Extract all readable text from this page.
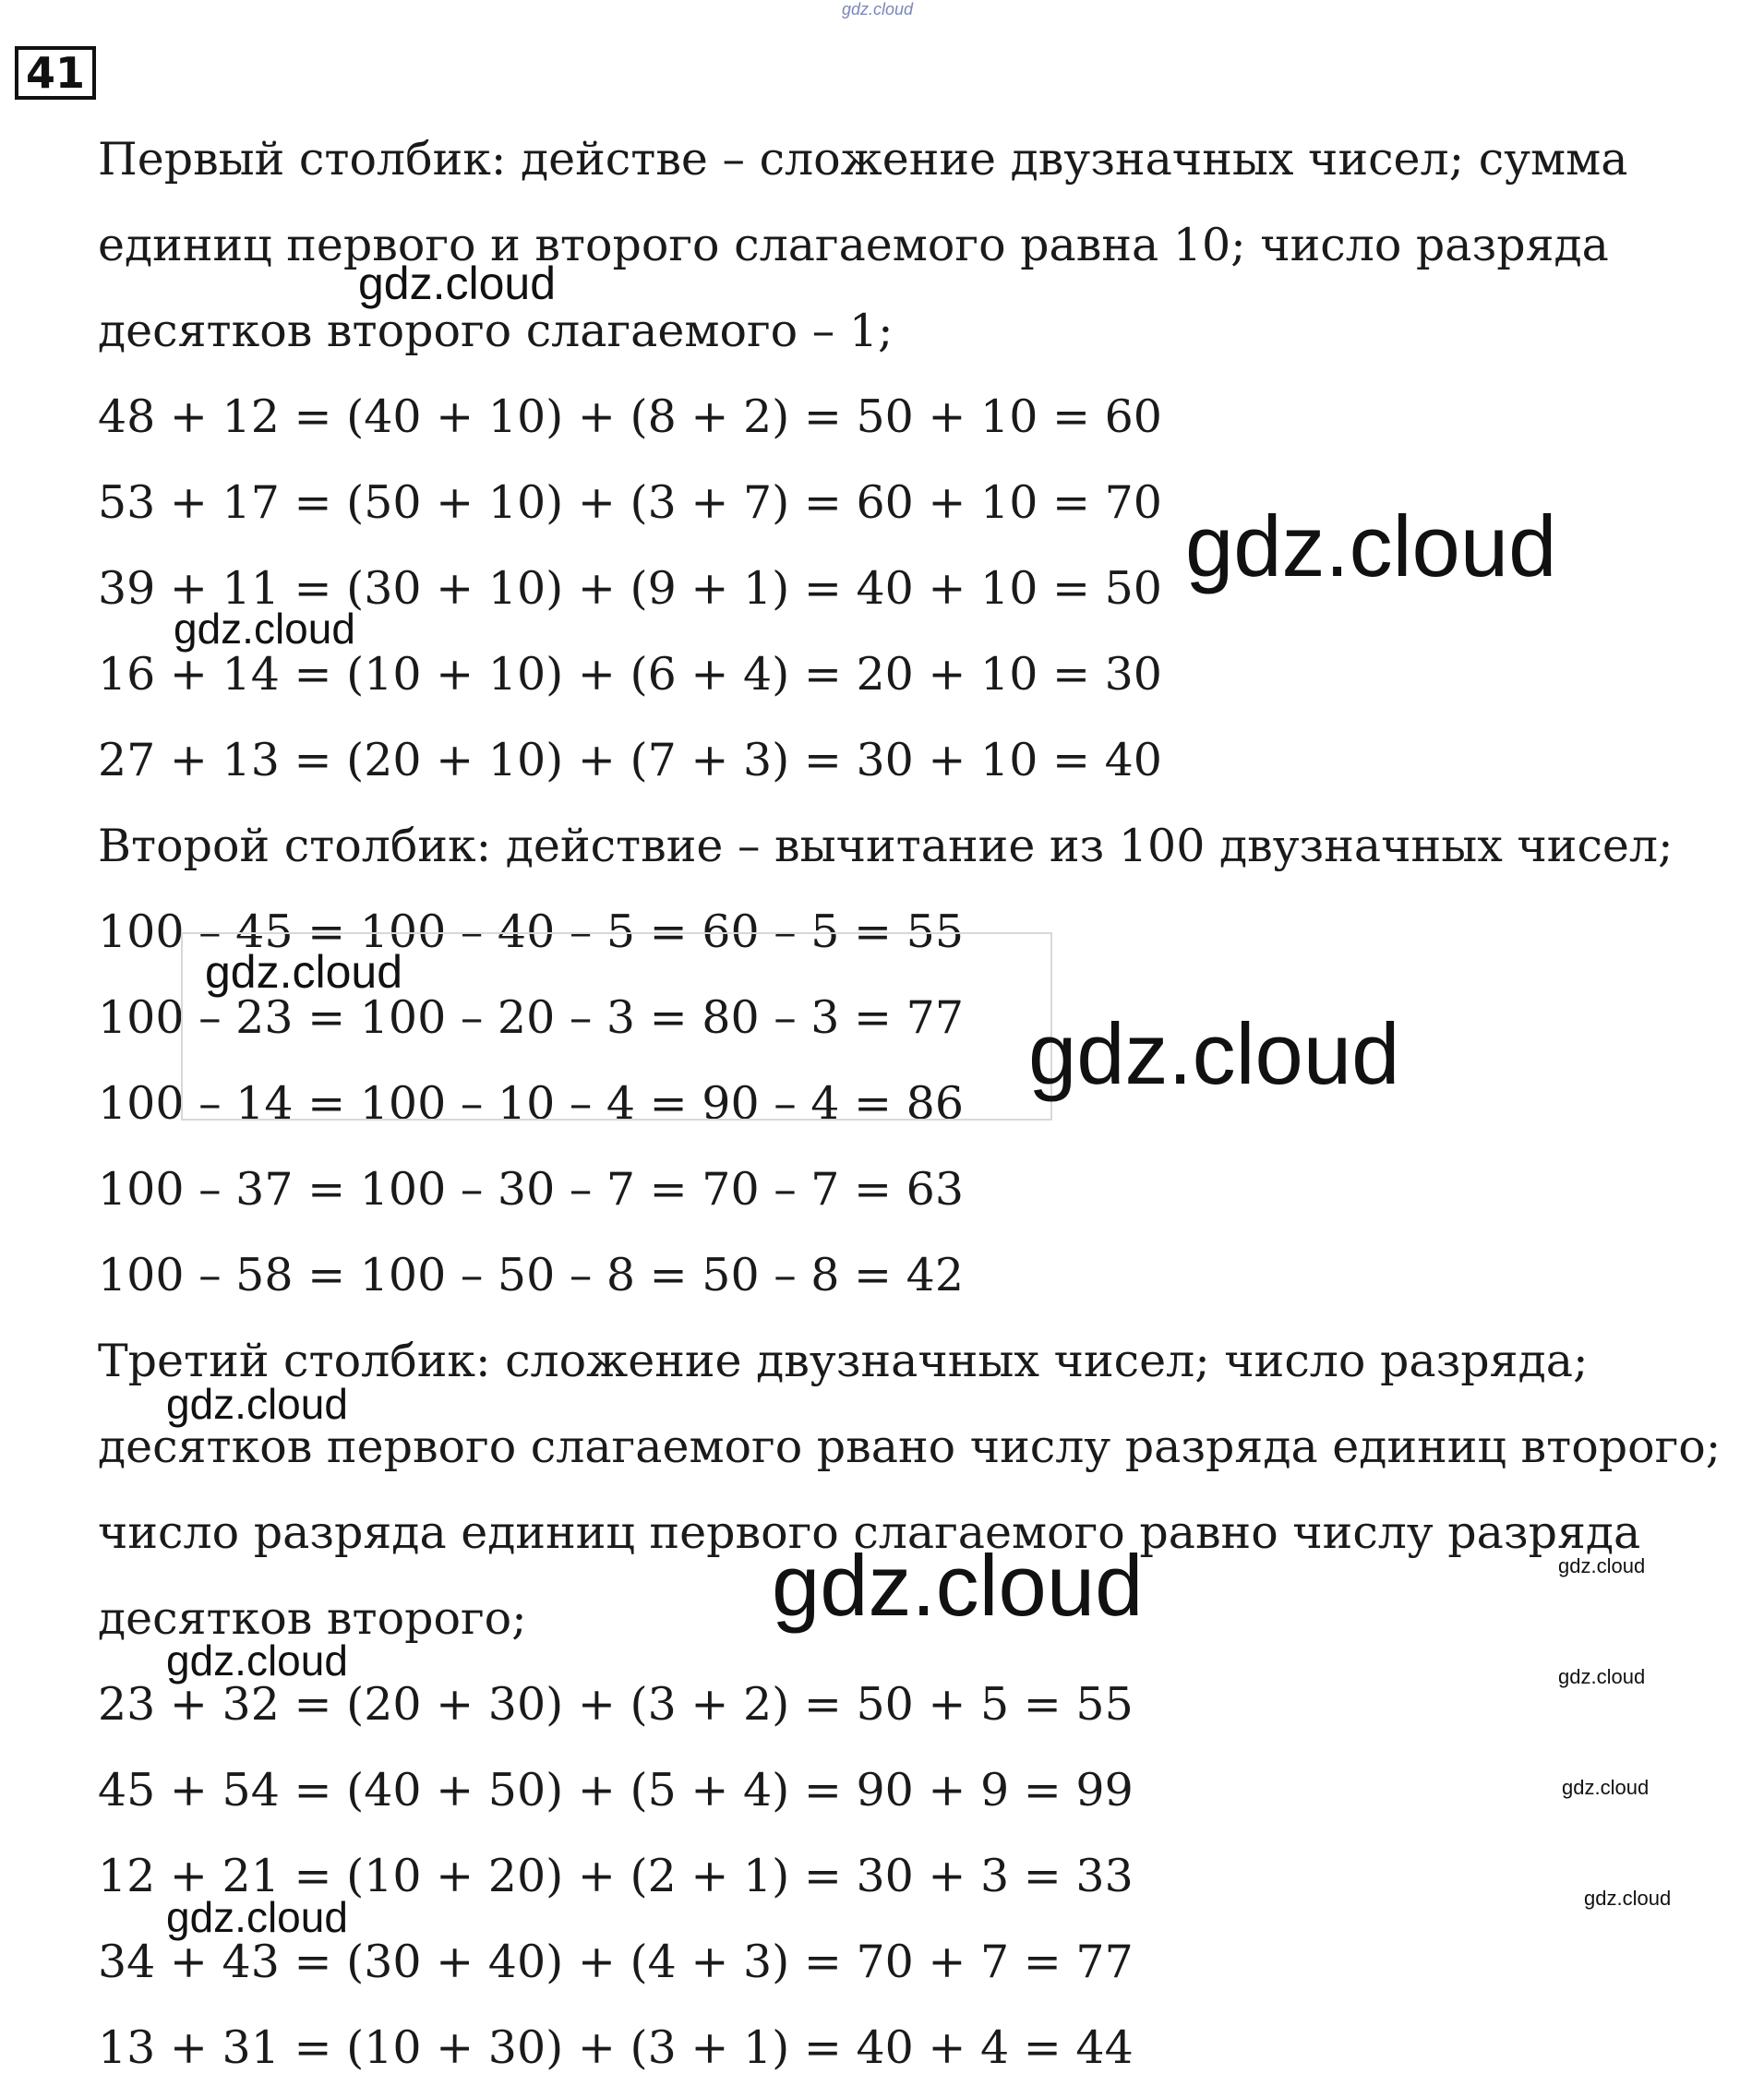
41
Первый столбик: действе – сложение двузначных чисел; сумма
единиц первого и второго слагаемого равна 10; число разряда
десятков второго слагаемого – 1;
48 + 12 = (40 + 10) + (8 + 2) = 50 + 10 = 60
53 + 17 = (50 + 10) + (3 + 7) = 60 + 10 = 70
39 + 11 = (30 + 10) + (9 + 1) = 40 + 10 = 50
16 + 14 = (10 + 10) + (6 + 4) = 20 + 10 = 30
27 + 13 = (20 + 10) + (7 + 3) = 30 + 10 = 40
Второй столбик: действие – вычитание из 100 двузначных чисел;
100 – 45 = 100 – 40 – 5 = 60 – 5 = 55
100 – 23 = 100 – 20 – 3 = 80 – 3 = 77
100 – 14 = 100 – 10 – 4 = 90 – 4 = 86
100 – 37 = 100 – 30 – 7 = 70 – 7 = 63
100 – 58 = 100 – 50 – 8 = 50 – 8 = 42
Третий столбик: сложение двузначных чисел; число разряда;
десятков первого слагаемого рвано числу разряда единиц второго;
число разряда единиц первого слагаемого равно числу разряда
десятков второго;
23 + 32 = (20 + 30) + (3 + 2) = 50 + 5 = 55
45 + 54 = (40 + 50) + (5 + 4) = 90 + 9 = 99
12 + 21 = (10 + 20) + (2 + 1) = 30 + 3 = 33
34 + 43 = (30 + 40) + (4 + 3) = 70 + 7 = 77
13 + 31 = (10 + 30) + (3 + 1) = 40 + 4 = 44
gdz.cloud
gdz.cloud
gdz.cloud
gdz.cloud
gdz.cloud
gdz.cloud
gdz.cloud
gdz.cloud	gdz.cloud
gdz.cloud	gdz.cloud
gdz.cloud
gdz.cloud
gdz.cloud
